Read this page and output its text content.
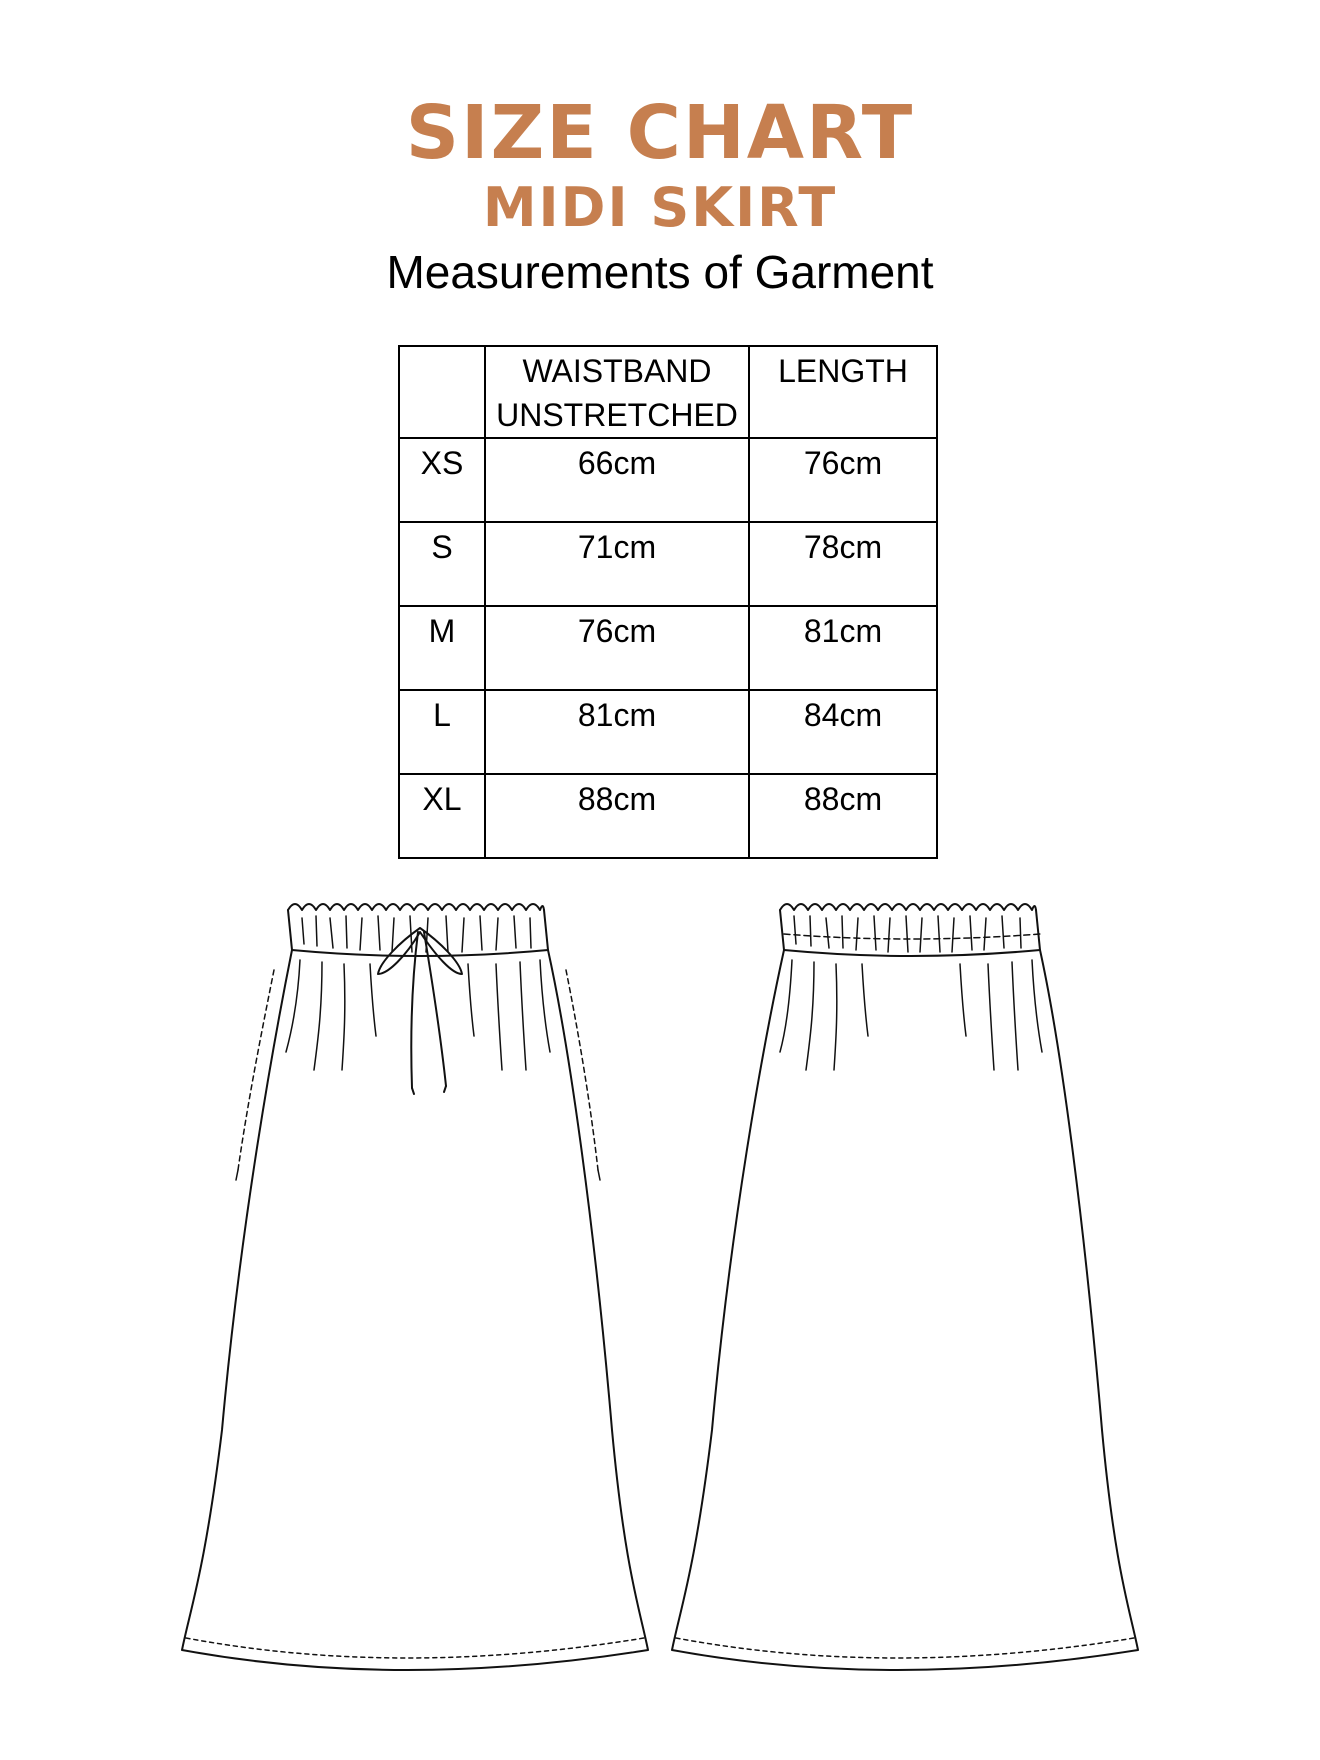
SIZE CHART
MIDI SKIRT
Measurements of Garment
	WAISTBAND UNSTRETCHED	LENGTH
XS	66cm	76cm
S	71cm	78cm
M	76cm	81cm
L	81cm	84cm
XL	88cm	88cm
